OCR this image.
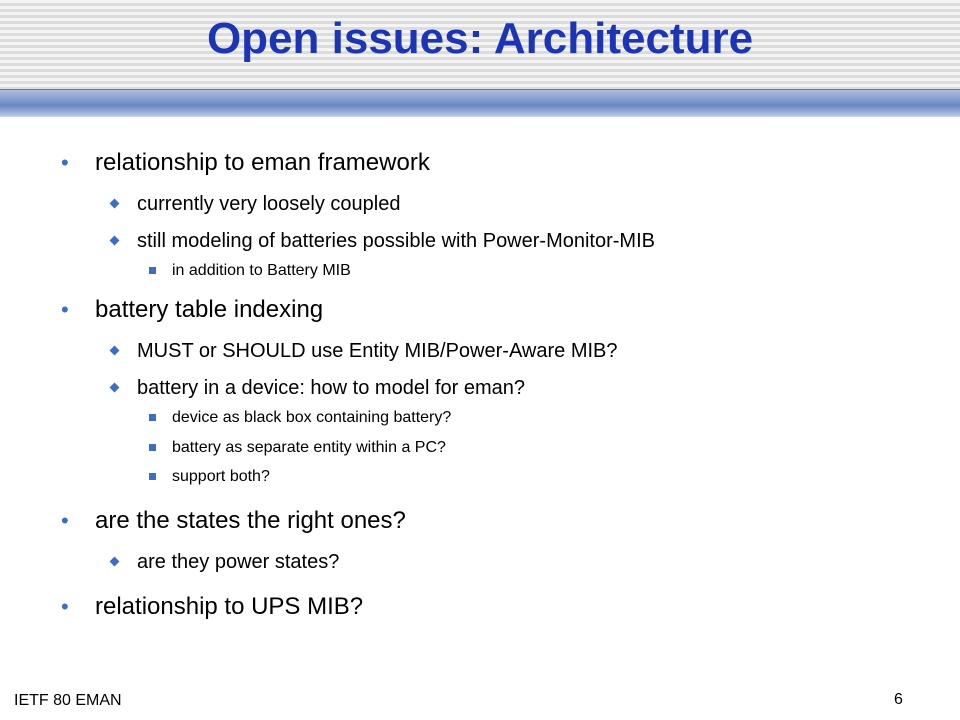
Open issues: Architecture
• relationship to eman framework
currently very loosely coupled
still modeling of batteries possible with Power-Monitor-MIB
in addition to Battery MIB
• battery table indexing
MUST or SHOULD use Entity MIB/Power-Aware MIB?
battery in a device: how to model for eman?
device as black box containing battery?
battery as separate entity within a PC?
support both?
• are the states the right ones?
are they power states?
• relationship to UPS MIB?
IETF 80 EMAN	6
